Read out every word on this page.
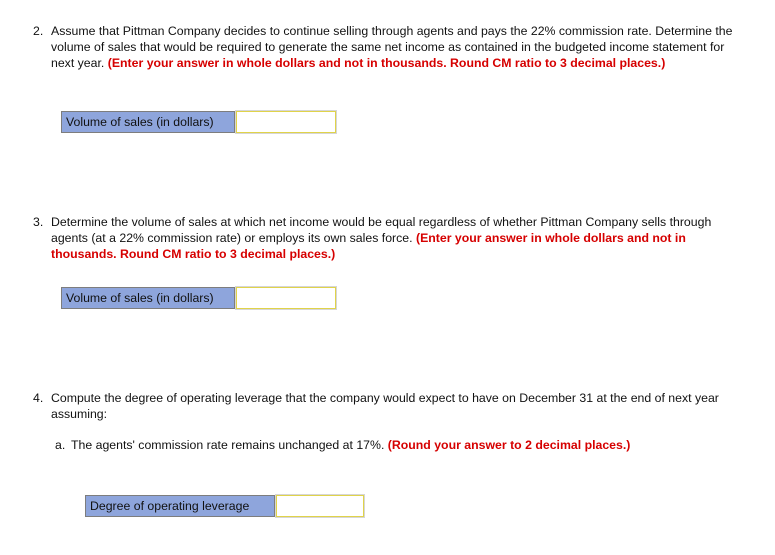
2. Assume that Pittman Company decides to continue selling through agents and pays the 22% commission rate. Determine the volume of sales that would be required to generate the same net income as contained in the budgeted income statement for next year. (Enter your answer in whole dollars and not in thousands. Round CM ratio to 3 decimal places.)
Volume of sales (in dollars)
3. Determine the volume of sales at which net income would be equal regardless of whether Pittman Company sells through agents (at a 22% commission rate) or employs its own sales force. (Enter your answer in whole dollars and not in thousands. Round CM ratio to 3 decimal places.)
Volume of sales (in dollars)
4. Compute the degree of operating leverage that the company would expect to have on December 31 at the end of next year assuming:
a. The agents' commission rate remains unchanged at 17%. (Round your answer to 2 decimal places.)
Degree of operating leverage
